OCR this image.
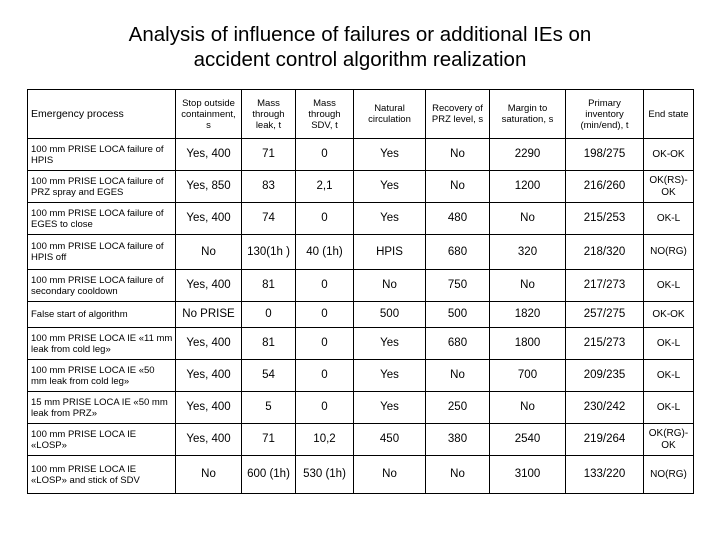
Analysis of influence of failures or additional IEs on
accident control algorithm realization
Emergency process	Stop outside containment, s	Mass through leak, t	Mass through SDV, t	Natural circulation	Recovery of PRZ level, s	Margin to saturation, s	Primary inventory (min/end), t	End state
100 mm PRISE LOCA failure of HPIS	Yes, 400	71	0	Yes	No	2290	198/275	OK-OK
100 mm PRISE LOCA failure of PRZ spray and EGES	Yes, 850	83	2,1	Yes	No	1200	216/260	OK(RS)-OK
100 mm PRISE LOCA failure of EGES to close	Yes, 400	74	0	Yes	480	No	215/253	OK-L
100 mm PRISE LOCA failure of HPIS off	No	130(1h )	40 (1h)	HPIS	680	320	218/320	NO(RG)
100 mm PRISE LOCA failure of secondary cooldown	Yes, 400	81	0	No	750	No	217/273	OK-L
False start of algorithm	No PRISE	0	0	500	500	1820	257/275	OK-OK
100 mm PRISE LOCA IE «11 mm leak from cold leg»	Yes, 400	81	0	Yes	680	1800	215/273	OK-L
100 mm PRISE LOCA IE «50 mm leak from cold leg»	Yes, 400	54	0	Yes	No	700	209/235	OK-L
15 mm PRISE LOCA IE «50 mm leak from PRZ»	Yes, 400	5	0	Yes	250	No	230/242	OK-L
100 mm PRISE LOCA IE «LOSP»	Yes, 400	71	10,2	450	380	2540	219/264	OK(RG)-OK
100 mm PRISE LOCA IE «LOSP» and stick of SDV	No	600 (1h)	530 (1h)	No	No	3100	133/220	NO(RG)
